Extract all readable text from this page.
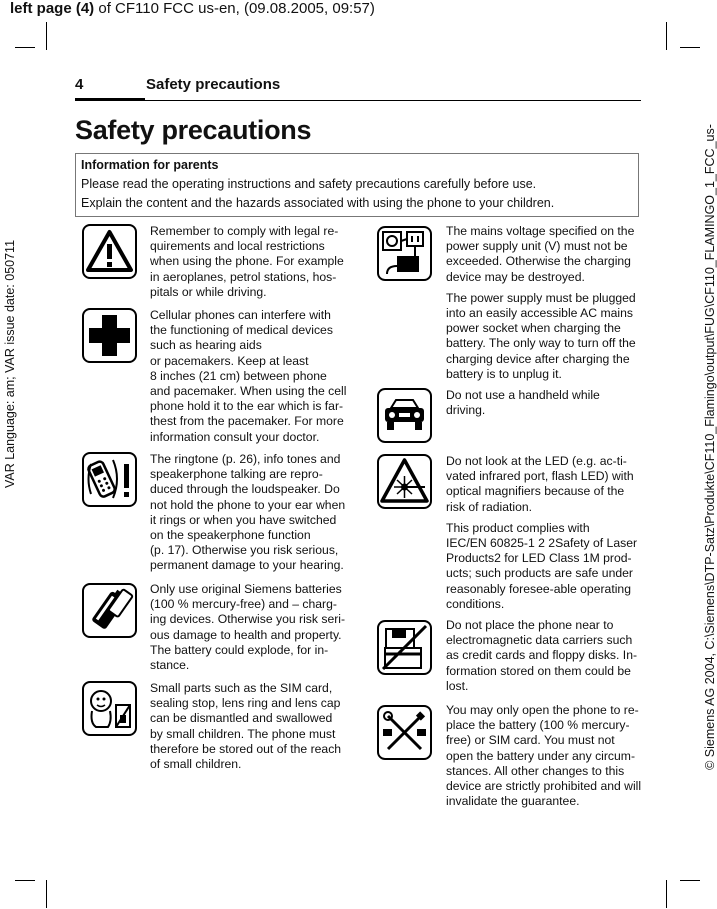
left page (4) of CF110 FCC us-en, (09.08.2005, 09:57)
VAR Language: am; VAR issue date: 050711	© Siemens AG 2004, C:\Siemens\DTP-Satz\Produkte\CF110_Flamingo\output\FUG\CF110_FLAMINGO_1_FCC_us-
4	Safety precautions
Safety precautions
Information for parents
Please read the operating instructions and safety precautions carefully before use.
Explain the content and the hazards associated with using the phone to your children.
Remember to comply with legal re-
quirements and local restrictions
when using the phone. For example
in aeroplanes, petrol stations, hos-
pitals or while driving.
Cellular phones can interfere with
the functioning of medical devices
such as hearing aids
or pacemakers. Keep at least
8 inches (21 cm) between phone
and pacemaker. When using the cell
phone hold it to the ear which is far-
thest from the pacemaker. For more
information consult your doctor.
The ringtone (p. 26), info tones and
speakerphone talking are repro-
duced through the loudspeaker. Do
not hold the phone to your ear when
it rings or when you have switched
on the speakerphone function
(p. 17). Otherwise you risk serious,
permanent damage to your hearing.
Only use original Siemens batteries
(100 % mercury-free) and – charg-
ing devices. Otherwise you risk seri-
ous damage to health and property.
The battery could explode, for in-
stance.
Small parts such as the SIM card,
sealing stop, lens ring and lens cap
can be dismantled and swallowed
by small children. The phone must
therefore be stored out of the reach
of small children.

The mains voltage specified on the
power supply unit (V) must not be
exceeded. Otherwise the charging
device may be destroyed.

The power supply must be plugged
into an easily accessible AC mains
power socket when charging the
battery. The only way to turn off the
charging device after charging the
battery is to unplug it.

Do not use a handheld while
driving.

Do not look at the LED (e.g. ac-ti-
vated infrared port, flash LED) with
optical magnifiers because of the
risk of radiation.

This product complies with
IEC/EN 60825-1 2 2Safety of Laser
Products2 for LED Class 1M prod-
ucts; such products are safe under
reasonably foresee-able operating
conditions.

Do not place the phone near to
electromagnetic data carriers such
as credit cards and floppy disks. In-
formation stored on them could be
lost.

You may only open the phone to re-
place the battery (100 % mercury-
free) or SIM card. You must not
open the battery under any circum-
stances. All other changes to this
device are strictly prohibited and will
invalidate the guarantee.
